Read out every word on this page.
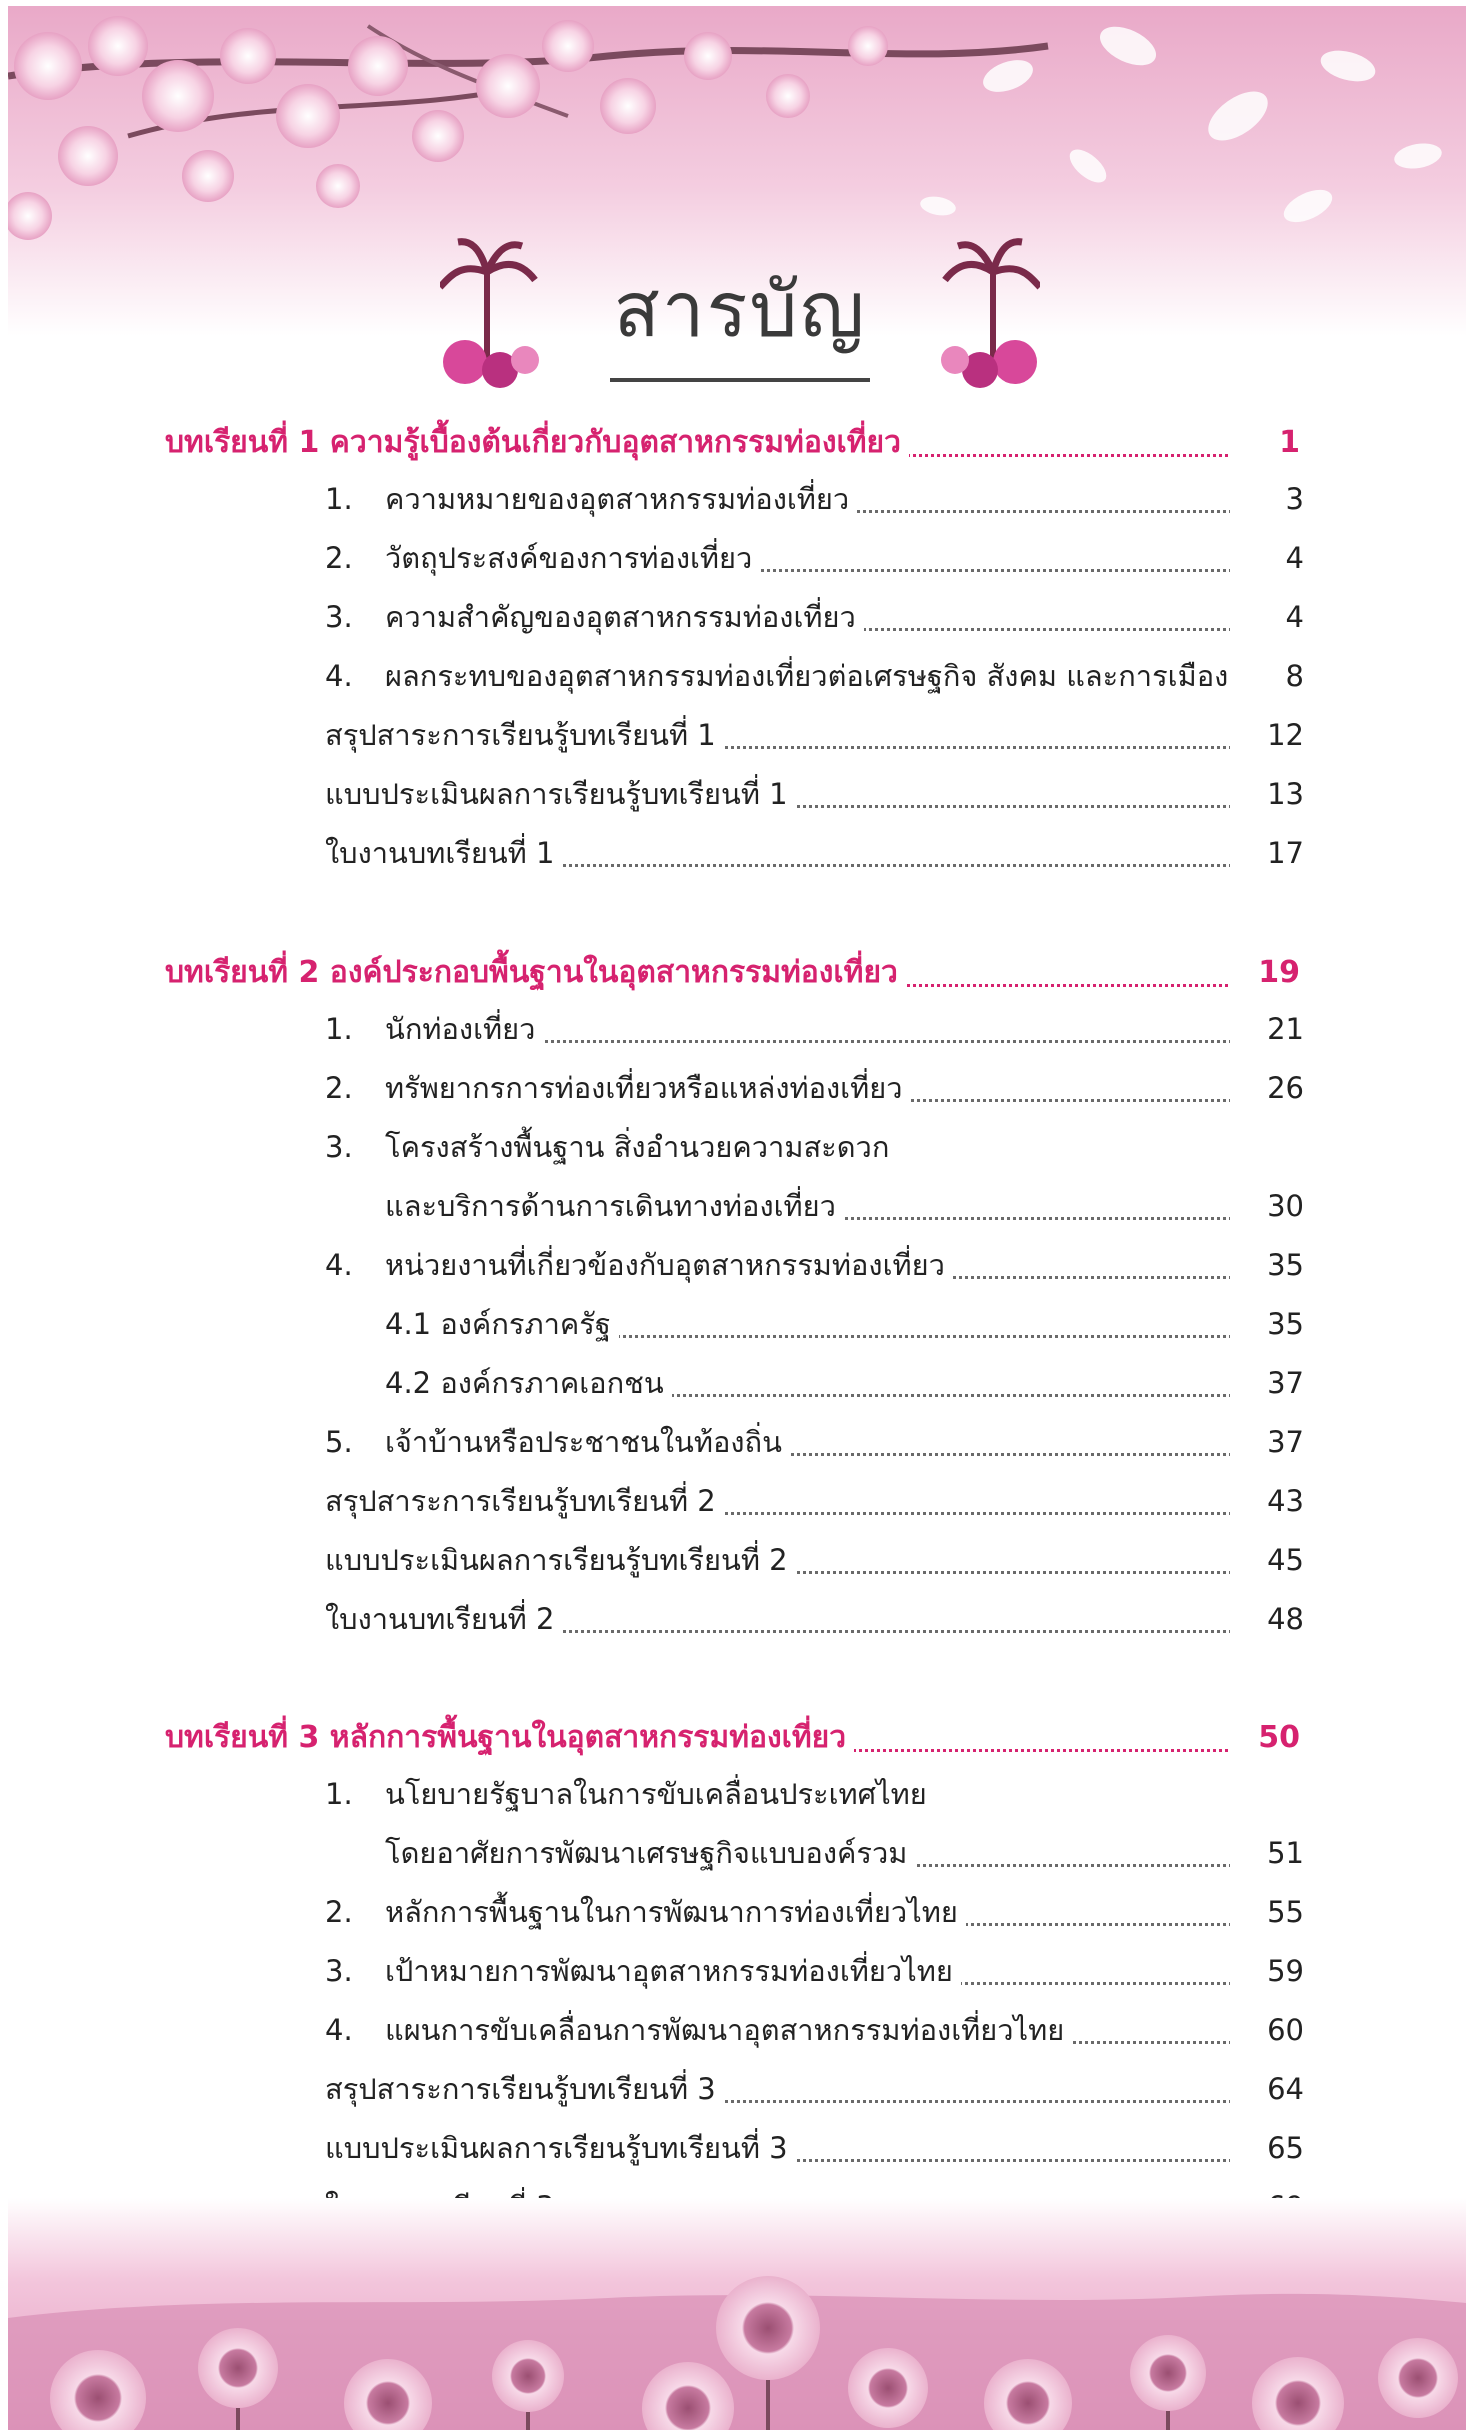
สารบัญ
บทเรียนที่ 1 ความรู้เบื้องต้นเกี่ยวกับอุตสาหกรรมท่องเที่ยว	1
1.	ความหมายของอุตสาหกรรมท่องเที่ยว	3
2.	วัตถุประสงค์ของการท่องเที่ยว	4
3.	ความสำคัญของอุตสาหกรรมท่องเที่ยว	4
4.	ผลกระทบของอุตสาหกรรมท่องเที่ยวต่อเศรษฐกิจ สังคม และการเมือง	8
สรุปสาระการเรียนรู้บทเรียนที่ 1	12
แบบประเมินผลการเรียนรู้บทเรียนที่ 1	13
ใบงานบทเรียนที่ 1	17
บทเรียนที่ 2 องค์ประกอบพื้นฐานในอุตสาหกรรมท่องเที่ยว	19
1.	นักท่องเที่ยว	21
2.	ทรัพยากรการท่องเที่ยวหรือแหล่งท่องเที่ยว	26
3.	โครงสร้างพื้นฐาน สิ่งอำนวยความสะดวก
และบริการด้านการเดินทางท่องเที่ยว	30
4.	หน่วยงานที่เกี่ยวข้องกับอุตสาหกรรมท่องเที่ยว	35
4.1 องค์กรภาครัฐ	35
4.2 องค์กรภาคเอกชน	37
5.	เจ้าบ้านหรือประชาชนในท้องถิ่น	37
สรุปสาระการเรียนรู้บทเรียนที่ 2	43
แบบประเมินผลการเรียนรู้บทเรียนที่ 2	45
ใบงานบทเรียนที่ 2	48
บทเรียนที่ 3 หลักการพื้นฐานในอุตสาหกรรมท่องเที่ยว	50
1.	นโยบายรัฐบาลในการขับเคลื่อนประเทศไทย
โดยอาศัยการพัฒนาเศรษฐกิจแบบองค์รวม	51
2.	หลักการพื้นฐานในการพัฒนาการท่องเที่ยวไทย	55
3.	เป้าหมายการพัฒนาอุตสาหกรรมท่องเที่ยวไทย	59
4.	แผนการขับเคลื่อนการพัฒนาอุตสาหกรรมท่องเที่ยวไทย	60
สรุปสาระการเรียนรู้บทเรียนที่ 3	64
แบบประเมินผลการเรียนรู้บทเรียนที่ 3	65
